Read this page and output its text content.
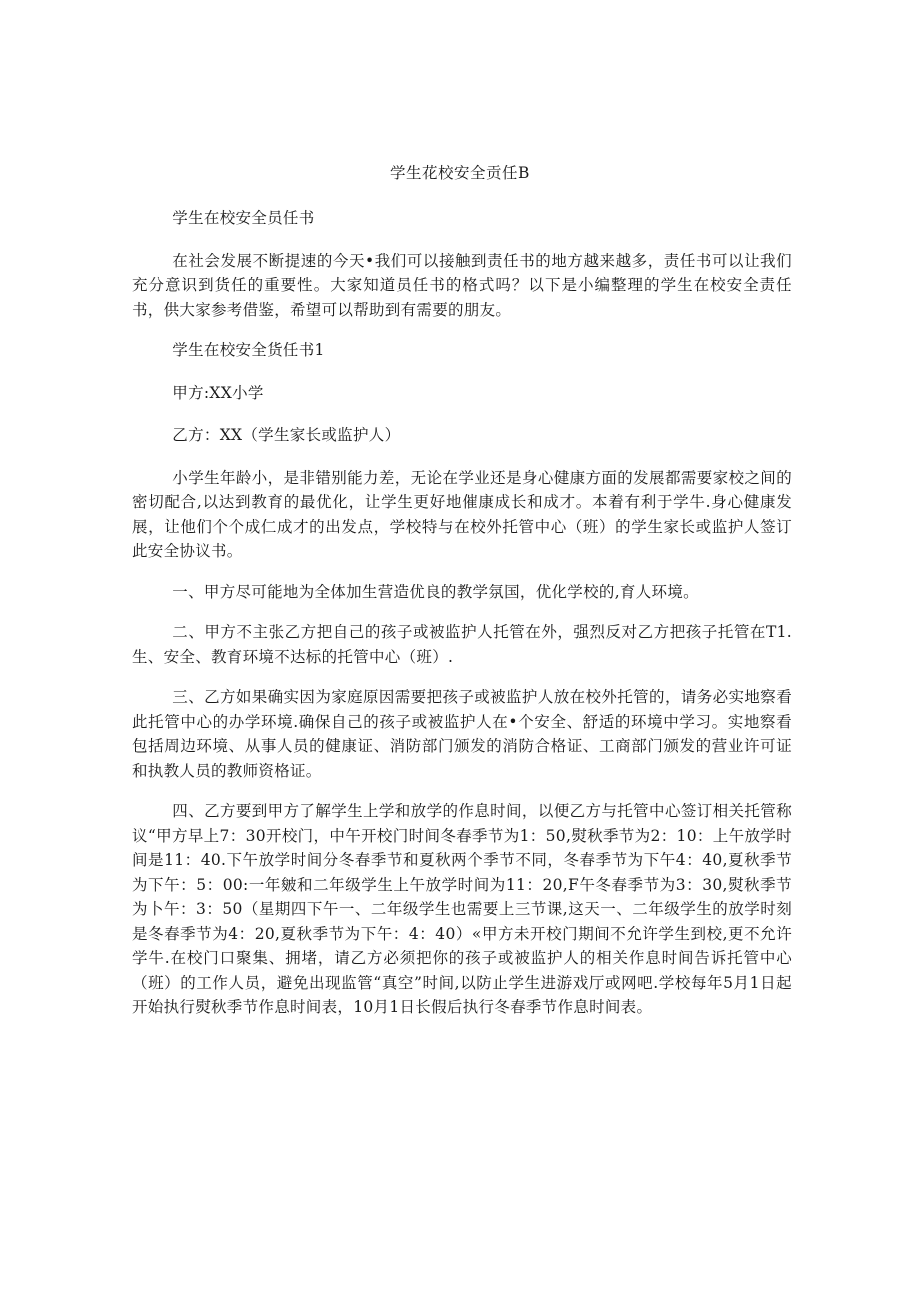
学生花校安全贡任B

学生在校安全员任书

在社会发展不断提速的今天•我们可以接触到责任书的地方越来越多，责任书可以让我们充分意识到货任的重要性。大家知道员任书的格式吗？以下是小编整理的学生在校安全责任书，供大家参考借鉴，希望可以帮助到有需要的朋友。

学生在校安全货任书1

甲方:XX小学

乙方：XX（学生家长或监护人）

小学生年龄小，是非错别能力差，无论在学业还是身心健康方面的发展都需要家校之间的密切配合,以达到教育的最优化，让学生更好地催康成长和成才。本着有利于学牛.身心健康发展，让他们个个成仁成才的出发点，学校特与在校外托管中心（班）的学生家长或监护人签订此安全协议书。

一、甲方尽可能地为全体加生营造优良的教学氛国，优化学校的,育人环境。

二、甲方不主张乙方把自己的孩子或被监护人托管在外，强烈反对乙方把孩子托管在T1.生、安全、教育环境不达标的托管中心（班）.

三、乙方如果确实因为家庭原因需要把孩子或被监护人放在校外托管的，请务必实地察看此托管中心的办学环境.确保自己的孩子或被监护人在•个安全、舒适的环境中学习。实地察看包括周边环境、从事人员的健康证、消防部门颁发的消防合格证、工商部门颁发的营业许可证和执教人员的教师资格证。

四、乙方要到甲方了解学生上学和放学的作息时间，以便乙方与托管中心签订相关托管称议“甲方早上7：30开校门，中午开校门时间冬春季节为1：50,熨秋季节为2：10：上午放学时间是11：40.下午放学时间分冬春季节和夏秋两个季节不同，冬春季节为下午4：40,夏秋季节为下午：5：00:一年皴和二年级学生上午放学时间为11：20,F午冬春季节为3：30,熨秋季节为卜午：3：50（星期四下午一、二年级学生也需要上三节课,这天一、二年级学生的放学时刻是冬春季节为4：20,夏秋季节为下午：4：40）«甲方未开校门期间不允许学生到校,更不允许学牛.在校门口聚集、拥堵，请乙方必须把你的孩子或被监护人的相关作息时间告诉托管中心（班）的工作人员，避免出现监管“真空”时间,以防止学生进游戏厅或网吧.学校每年5月1日起开始执行熨秋季节作息时间表，10月1日长假后执行冬春季节作息时间表。
